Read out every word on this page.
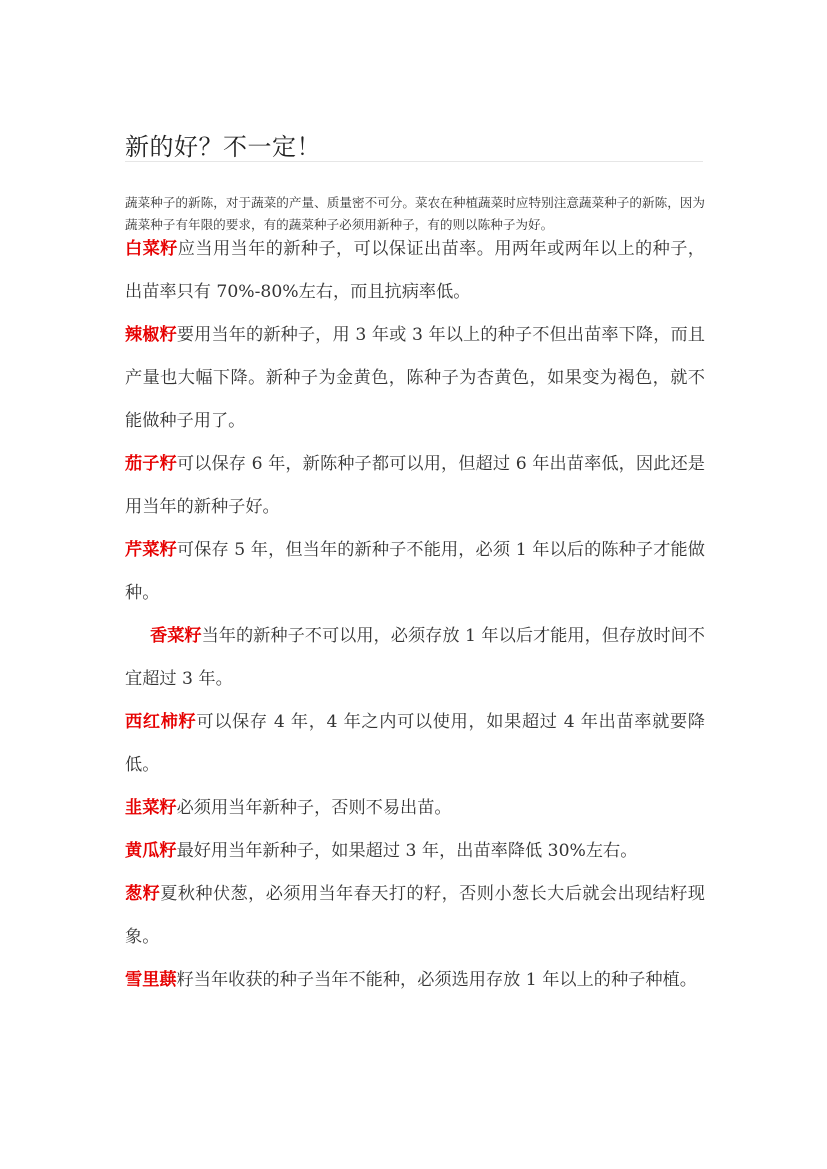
新的好？不一定！

蔬菜种子的新陈，对于蔬菜的产量、质量密不可分。菜农在种植蔬菜时应特别注意蔬菜种子的新陈，因为蔬菜种子有年限的要求，有的蔬菜种子必须用新种子，有的则以陈种子为好。

白菜籽应当用当年的新种子，可以保证出苗率。用两年或两年以上的种子，出苗率只有 70%-80%左右，而且抗病率低。

辣椒籽要用当年的新种子，用 3 年或 3 年以上的种子不但出苗率下降，而且产量也大幅下降。新种子为金黄色，陈种子为杏黄色，如果变为褐色，就不能做种子用了。

茄子籽可以保存 6 年，新陈种子都可以用，但超过 6 年出苗率低，因此还是用当年的新种子好。

芹菜籽可保存 5 年，但当年的新种子不能用，必须 1 年以后的陈种子才能做种。

香菜籽当年的新种子不可以用，必须存放 1 年以后才能用，但存放时间不宜超过 3 年。

西红柿籽可以保存 4 年，4 年之内可以使用，如果超过 4 年出苗率就要降低。

韭菜籽必须用当年新种子，否则不易出苗。

黄瓜籽最好用当年新种子，如果超过 3 年，出苗率降低 30%左右。

葱籽夏秋种伏葱，必须用当年春天打的籽，否则小葱长大后就会出现结籽现象。

雪里蕻籽当年收获的种子当年不能种，必须选用存放 1 年以上的种子种植。
